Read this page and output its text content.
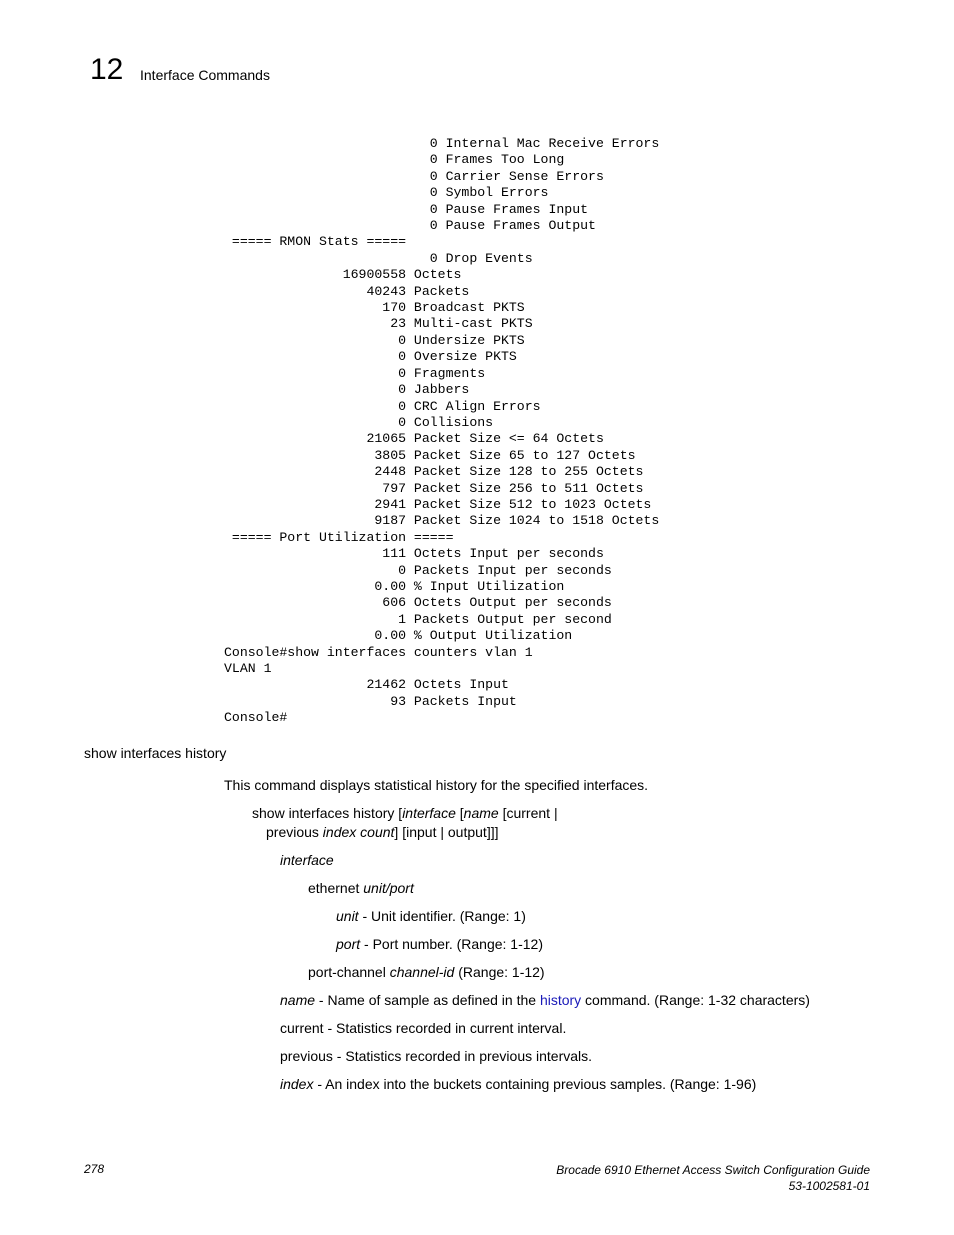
12 Interface Commands
0 Internal Mac Receive Errors
0 Frames Too Long
0 Carrier Sense Errors
0 Symbol Errors
0 Pause Frames Input
0 Pause Frames Output
===== RMON Stats =====
0 Drop Events
16900558 Octets
40243 Packets
170 Broadcast PKTS
23 Multi-cast PKTS
0 Undersize PKTS
0 Oversize PKTS
0 Fragments
0 Jabbers
0 CRC Align Errors
0 Collisions
21065 Packet Size <= 64 Octets
3805 Packet Size 65 to 127 Octets
2448 Packet Size 128 to 255 Octets
797 Packet Size 256 to 511 Octets
2941 Packet Size 512 to 1023 Octets
9187 Packet Size 1024 to 1518 Octets
===== Port Utilization =====
111 Octets Input per seconds
0 Packets Input per seconds
0.00 % Input Utilization
606 Octets Output per seconds
1 Packets Output per second
0.00 % Output Utilization
Console#show interfaces counters vlan 1
VLAN 1
21462 Octets Input
93 Packets Input
Console#
show interfaces history
This command displays statistical history for the specified interfaces.
show interfaces history [interface [name [current |
previous index count] [input | output]]]
interface
ethernet unit/port
unit - Unit identifier. (Range: 1)
port - Port number. (Range: 1-12)
port-channel channel-id (Range: 1-12)
name - Name of sample as defined in the history command. (Range: 1-32 characters)
current - Statistics recorded in current interval.
previous - Statistics recorded in previous intervals.
index - An index into the buckets containing previous samples. (Range: 1-96)
278	Brocade 6910 Ethernet Access Switch Configuration Guide
53-1002581-01
